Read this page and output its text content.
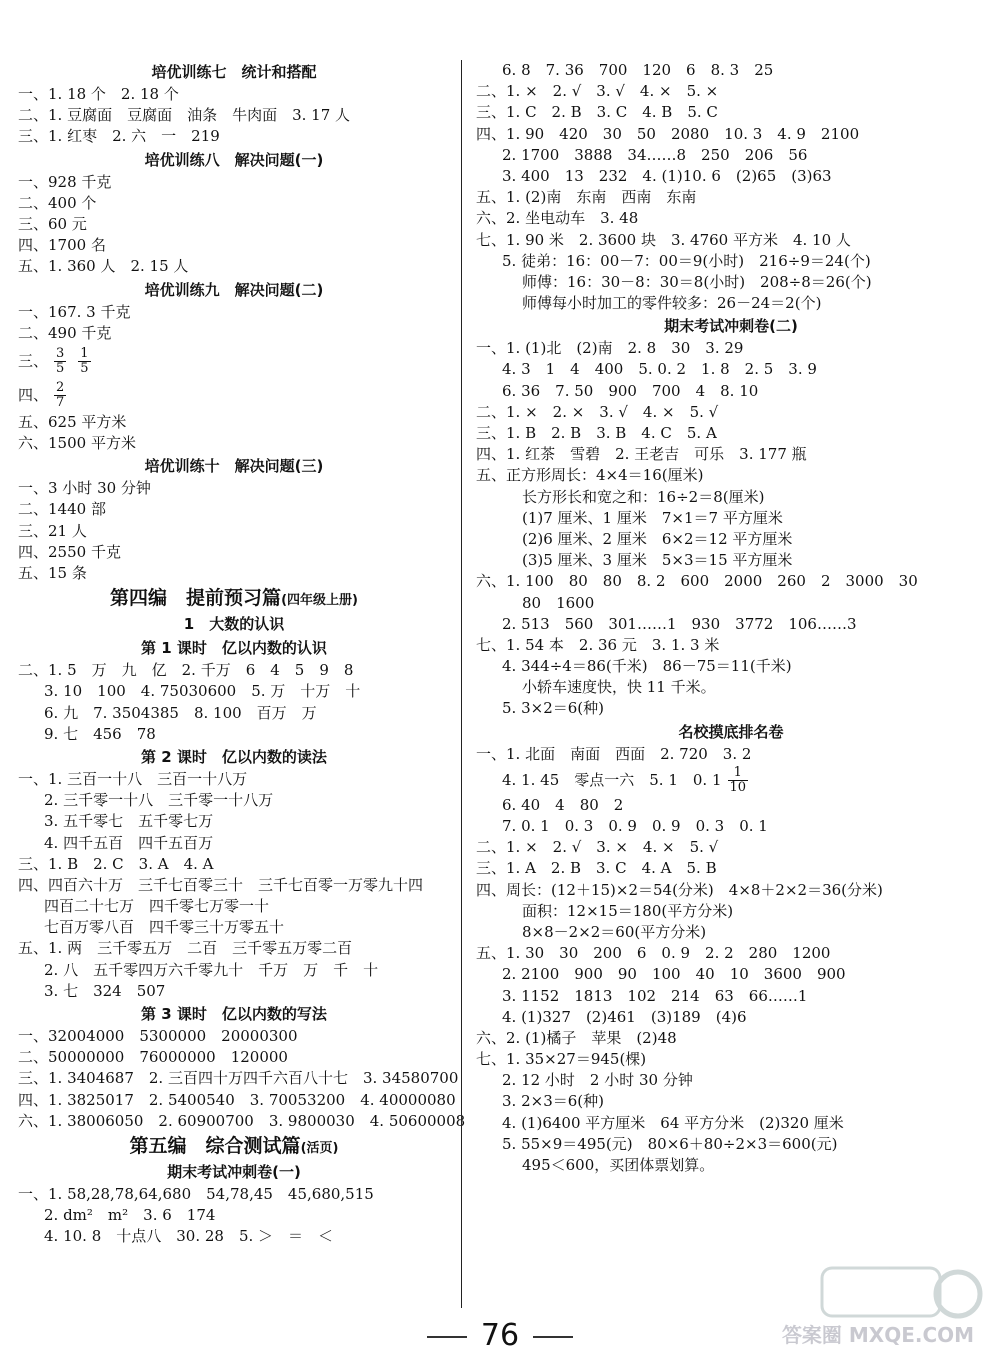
培优训练七　统计和搭配
一、1. 18 个　2. 18 个
二、1. 豆腐面　豆腐面　油条　牛肉面　3. 17 人
三、1. 红枣　2. 六　一　219
培优训练八　解决问题(一)
一、928 千克
二、400 个
三、60 元
四、1700 名
五、1. 360 人　2. 15 人
培优训练九　解决问题(二)
一、167. 3 千克
二、490 千克
三、 $\frac{3}{5} \frac{1}{5}$
四、 $\frac{2}{7}$
五、625 平方米
六、1500 平方米
培优训练十　解决问题(三)
一、3 小时 30 分钟
二、1440 部
三、21 人
四、2550 千克
五、15 条
第四编　提前预习篇(四年级上册)
1　大数的认识
第 1 课时　亿以内数的认识
二、1. 5　万　九　亿　2. 千万　6　4　5　9　8
3. 10　100　4. 75030600　5. 万　十万　十
6. 九　7. 3504385　8. 100　百万　万
9. 七　456　78
第 2 课时　亿以内数的读法
一、1. 三百一十八　三百一十八万
2. 三千零一十八　三千零一十八万
3. 五千零七　五千零七万
4. 四千五百　四千五百万
三、1. B　2. C　3. A　4. A
四、四百六十万　三千七百零三十　三千七百零一万零九十四
四百二十七万　四千零七万零一十
七百万零八百　四千零三十万零五十
五、1. 两　三千零五万　二百　三千零五万零二百
2. 八　五千零四万六千零九十　千万　万　千　十
3. 七　324　507
第 3 课时　亿以内数的写法
一、32004000　5300000　20000300
二、50000000　76000000　120000
三、1. 3404687　2. 三百四十万四千六百八十七　3. 34580700
四、1. 3825017　2. 5400540　3. 70053200　4. 40000080
六、1. 38006050　2. 60900700　3. 9800030　4. 50600008
第五编　综合测试篇(活页)
期末考试冲刺卷(一)
一、1. 58,28,78,64,680　54,78,45　45,680,515
2. dm²　m²　3. 6　174
4. 10. 8　十点八　30. 28　5. ＞　＝　＜
6. 8　7. 36　700　120　6　8. 3　25
二、1. ×　2. √　3. √　4. ×　5. ×
三、1. C　2. B　3. C　4. B　5. C
四、1. 90　420　30　50　2080　10. 3　4. 9　2100
2. 1700　3888　34……8　250　206　56
3. 400　13　232　4. (1)10. 6　(2)65　(3)63
五、1. (2)南　东南　西南　东南
六、2. 坐电动车　3. 48
七、1. 90 米　2. 3600 块　3. 4760 平方米　4. 10 人
5. 徒弟：16：00－7：00＝9(小时)　216÷9＝24(个)
师傅：16：30－8：30＝8(小时)　208÷8＝26(个)
师傅每小时加工的零件较多：26－24＝2(个)
期末考试冲刺卷(二)
一、1. (1)北　(2)南　2. 8　30　3. 29
4. 3　1　4　400　5. 0. 2　1. 8　2. 5　3. 9
6. 36　7. 50　900　700　4　8. 10
二、1. ×　2. ×　3. √　4. ×　5. √
三、1. B　2. B　3. B　4. C　5. A
四、1. 红茶　雪碧　2. 王老吉　可乐　3. 177 瓶
五、正方形周长：4×4＝16(厘米)
长方形长和宽之和：16÷2＝8(厘米)
(1)7 厘米、1 厘米　7×1＝7 平方厘米
(2)6 厘米、2 厘米　6×2＝12 平方厘米
(3)5 厘米、3 厘米　5×3＝15 平方厘米
六、1. 100　80　80　8. 2　600　2000　260　2　3000　30
80　1600
2. 513　560　301……1　930　3772　106……3
七、1. 54 本　2. 36 元　3. 1. 3 米
4. 344÷4＝86(千米)　86－75＝11(千米)
小轿车速度快，快 11 千米。
5. 3×2＝6(种)
名校摸底排名卷
一、1. 北面　南面　西面　2. 720　3. 2
4. 1. 45　零点一六　5. 1　0. $1 \frac{1}{10}$
6. 40　4　80　2
7. 0. 1　0. 3　0. 9　0. 9　0. 3　0. 1
二、1. ×　2. √　3. ×　4. ×　5. √
三、1. A　2. B　3. C　4. A　5. B
四、周长：(12＋15)×2＝54(分米)　4×8＋2×2＝36(分米)
面积：12×15＝180(平方分米)
8×8－2×2＝60(平方分米)
五、1. 30　30　200　6　0. 9　2. 2　280　1200
2. 2100　900　90　100　40　10　3600　900
3. 1152　1813　102　214　63　66……1
4. (1)327　(2)461　(3)189　(4)6
六、2. (1)橘子　苹果　(2)48
七、1. 35×27＝945(棵)
2. 12 小时　2 小时 30 分钟
3. 2×3＝6(种)
4. (1)6400 平方厘米　64 平方分米　(2)320 厘米
5. 55×9＝495(元)　80×6＋80÷2×3＝600(元)
495＜600，买团体票划算。
76	答案圈 MXQE.COM
